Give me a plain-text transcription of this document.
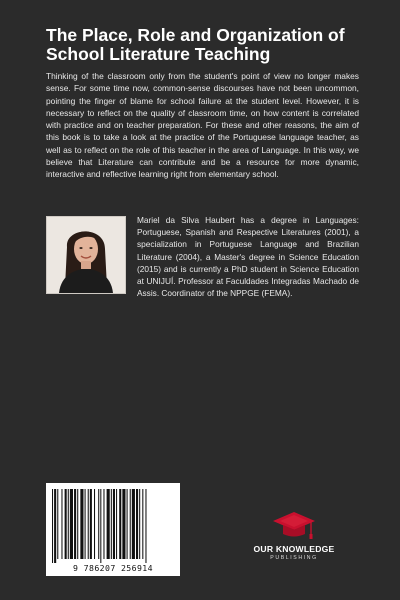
The Place, Role and Organization of School Literature Teaching

Thinking of the classroom only from the student's point of view no longer makes sense. For some time now, common-sense discourses have not been uncommon, pointing the finger of blame for school failure at the student level. However, it is necessary to reflect on the quality of classroom time, on how content is correlated with practice and on teacher preparation. For these and other reasons, the aim of this book is to take a look at the practice of the Portuguese language teacher, as well as to reflect on the role of this teacher in the area of Language. In this way, we believe that Literature can contribute and be a resource for more dynamic, interactive and reflective learning right from elementary school.

Mariel da Silva Haubert has a degree in Languages: Portuguese, Spanish and Respective Literatures (2001), a specialization in Portuguese Language and Brazilian Literature (2004), a Master's degree in Science Education (2015) and is currently a PhD student in Science Education at UNIJUÍ. Professor at Faculdades Integradas Machado de Assis. Coordinator of the NPPGE (FEMA).

9 786207 256914
OUR KNOWLEDGE
PUBLISHING
